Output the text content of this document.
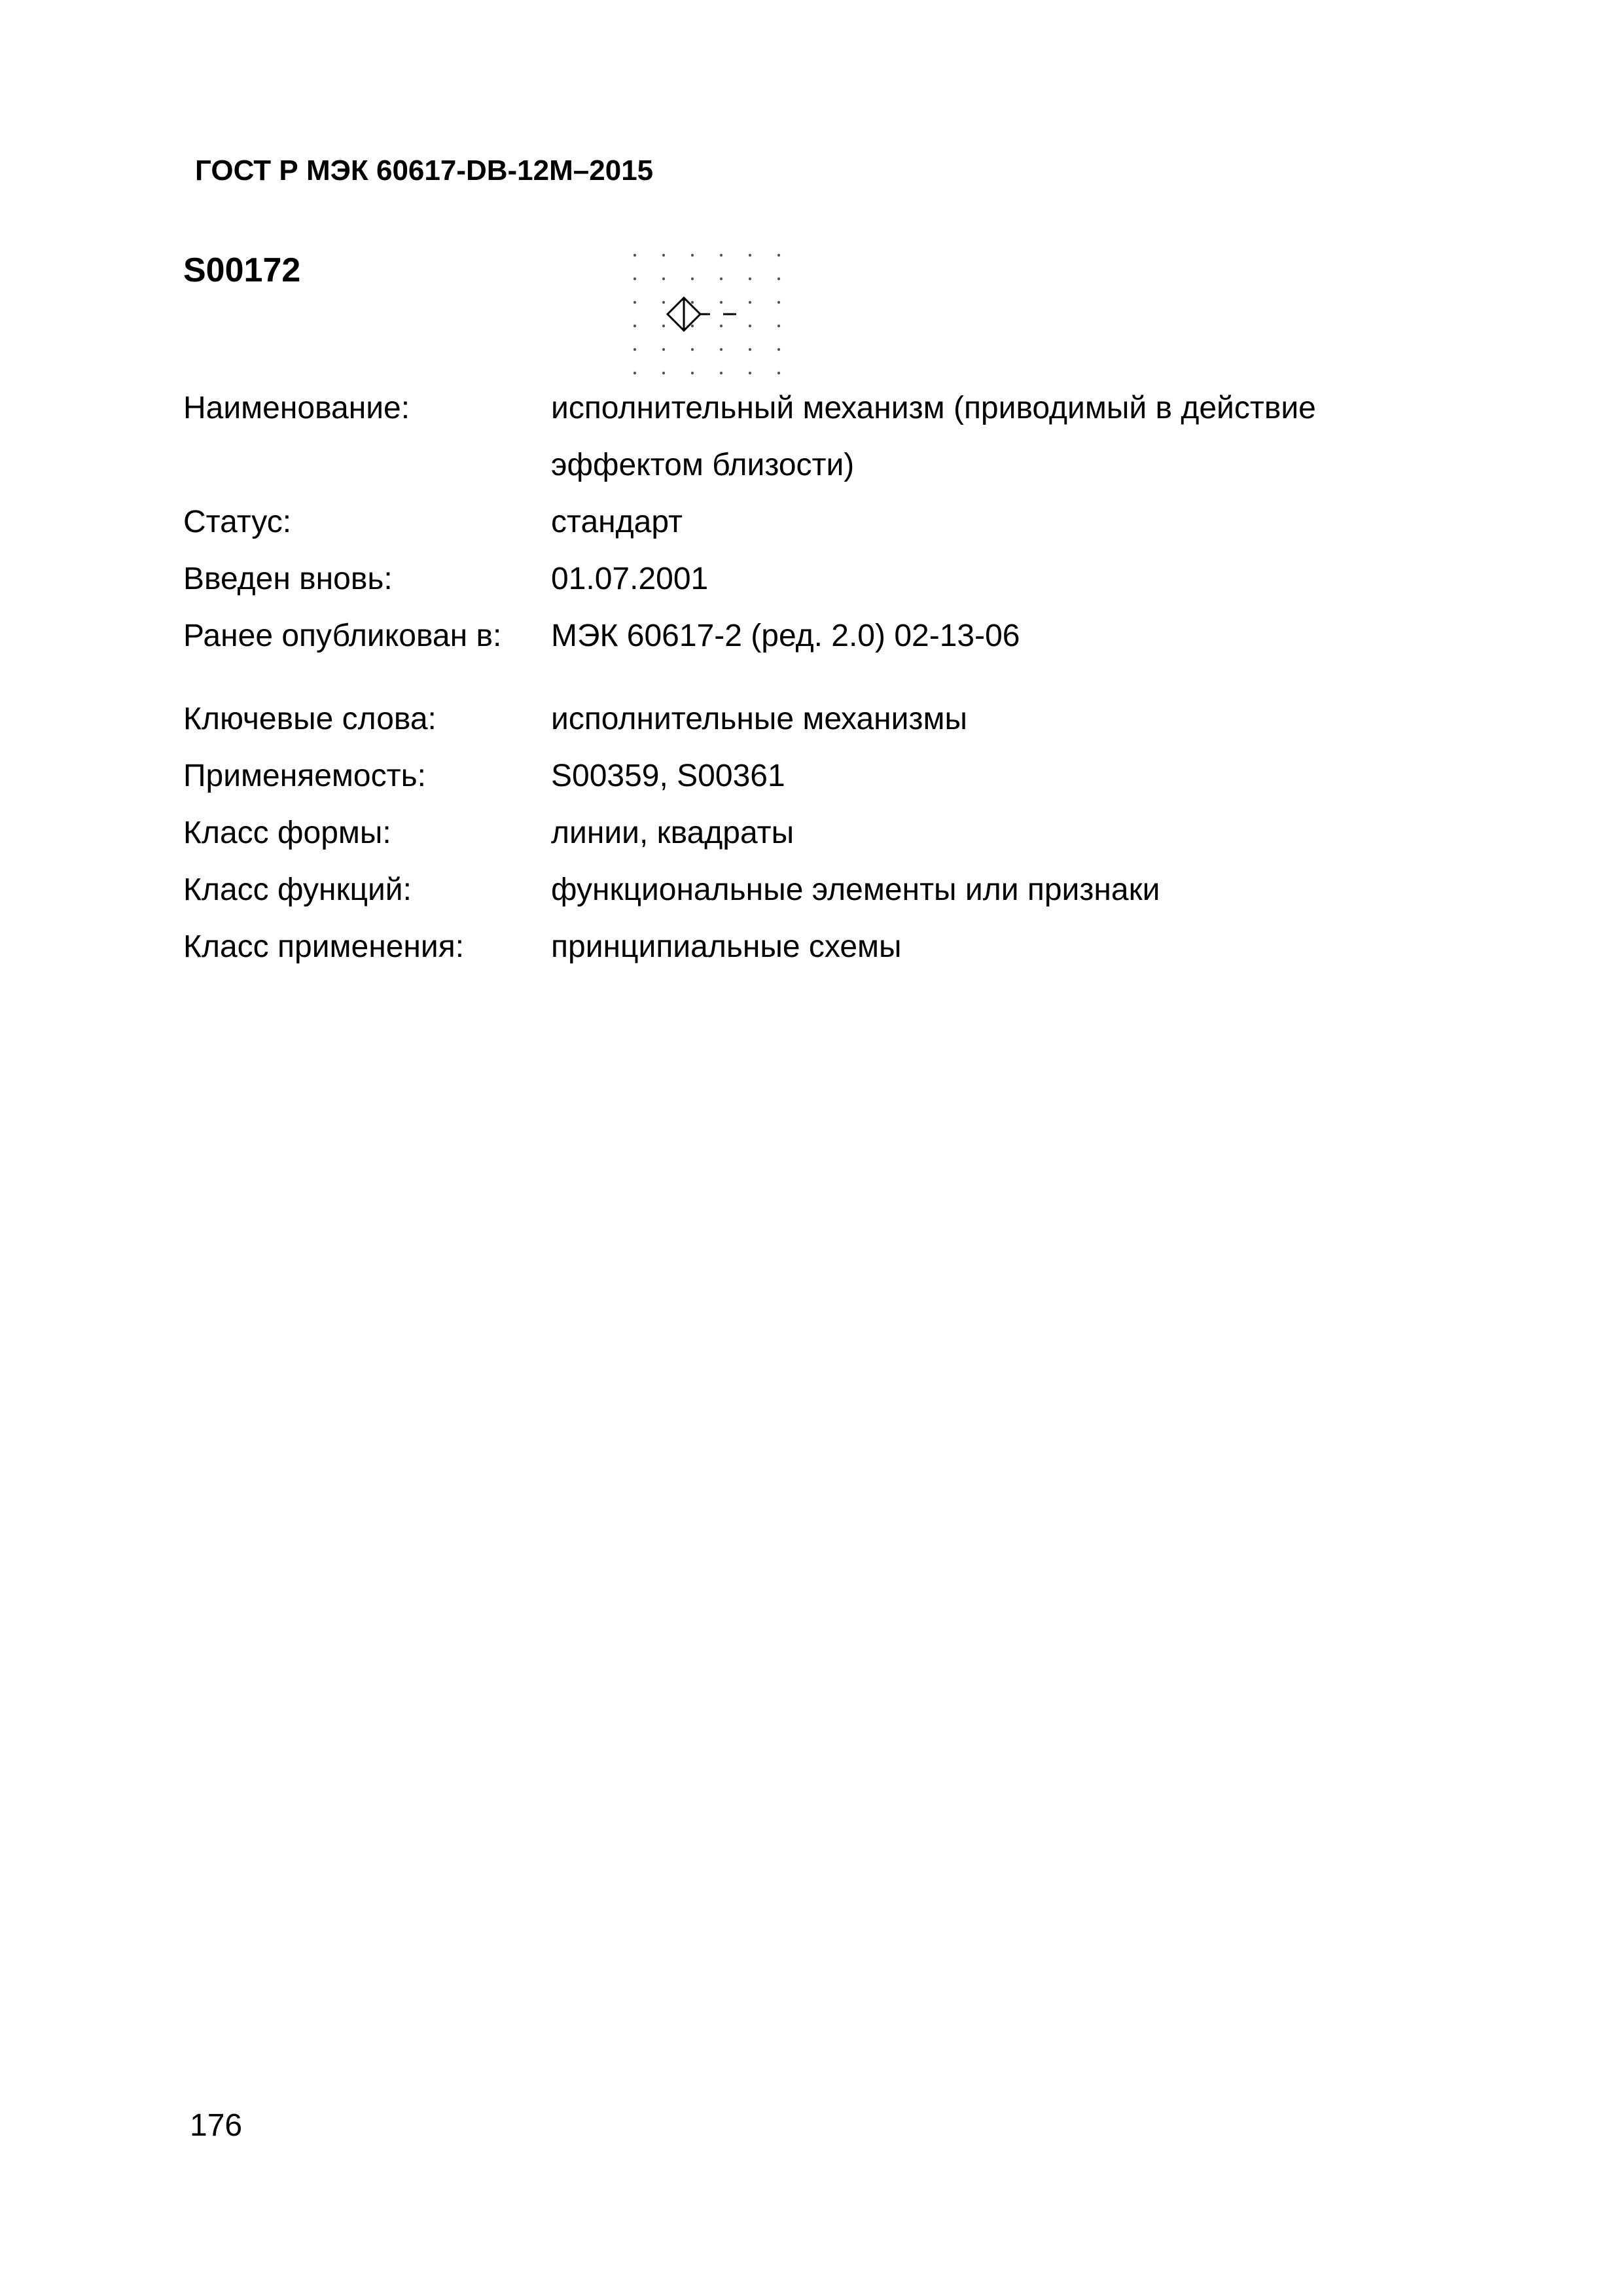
ГОСТ Р МЭК 60617-DB-12M–2015
S00172
Наименование:	исполнительный механизм (приводимый в действие
эффектом близости)
Статус:	стандарт
Введен вновь:	01.07.2001
Ранее опубликован в:	МЭК 60617-2 (ред. 2.0) 02-13-06
Ключевые слова:	исполнительные механизмы
Применяемость:	S00359, S00361
Класс формы:	линии, квадраты
Класс функций:	функциональные элементы или признаки
Класс применения:	принципиальные схемы
176
